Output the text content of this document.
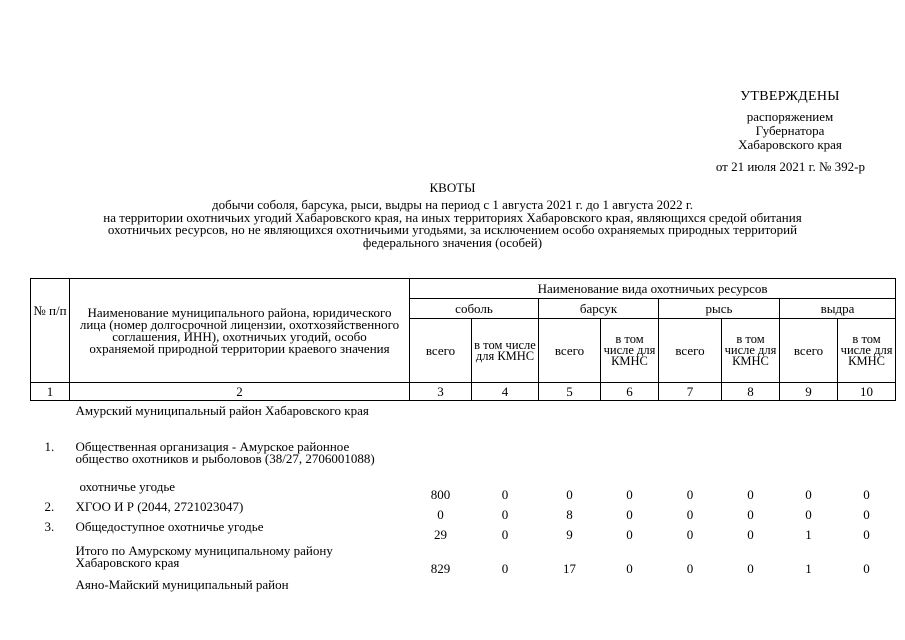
УТВЕРЖДЕНЫ
распоряжением
Губернатора
Хабаровского края
от 21 июля 2021 г. № 392-р
КВОТЫ
добычи соболя, барсука, рыси, выдры на период с 1 августа 2021 г. до 1 августа 2022 г.
на территории охотничьих угодий Хабаровского края, на иных территориях Хабаровского края, являющихся средой обитания
охотничьих ресурсов, но не являющихся охотничьими угодьями, за исключением особо охраняемых природных территорий
федерального значения (особей)
№ п/п	Наименование муниципального района, юридического лица (номер долгосрочной лицензии, охотхозяйственного соглашения, ИНН), охотничьих угодий, особо охраняемой природной территории краевого значения	Наименование вида охотничьих ресурсов							
		соболь		барсук		рысь		выдра	
		всего	в том числе для КМНС	всего	в том числе для КМНС	всего	в том числе для КМНС	всего	в том числе для КМНС
1	2	3	4	5	6	7	8	9	10
	Амурский муниципальный район Хабаровского края								
1.	Общественная организация - Амурское районное общество охотников и рыболовов (38/27, 2706001088)								
	охотничье угодье	800	0	0	0	0	0	0	0
2.	ХГОО И Р (2044, 2721023047)	0	0	8	0	0	0	0	0
3.	Общедоступное охотничье угодье	29	0	9	0	0	0	1	0
	Итого по Амурскому муниципальному району Хабаровского края	829	0	17	0	0	0	1	0
	Аяно-Майский муниципальный район								
